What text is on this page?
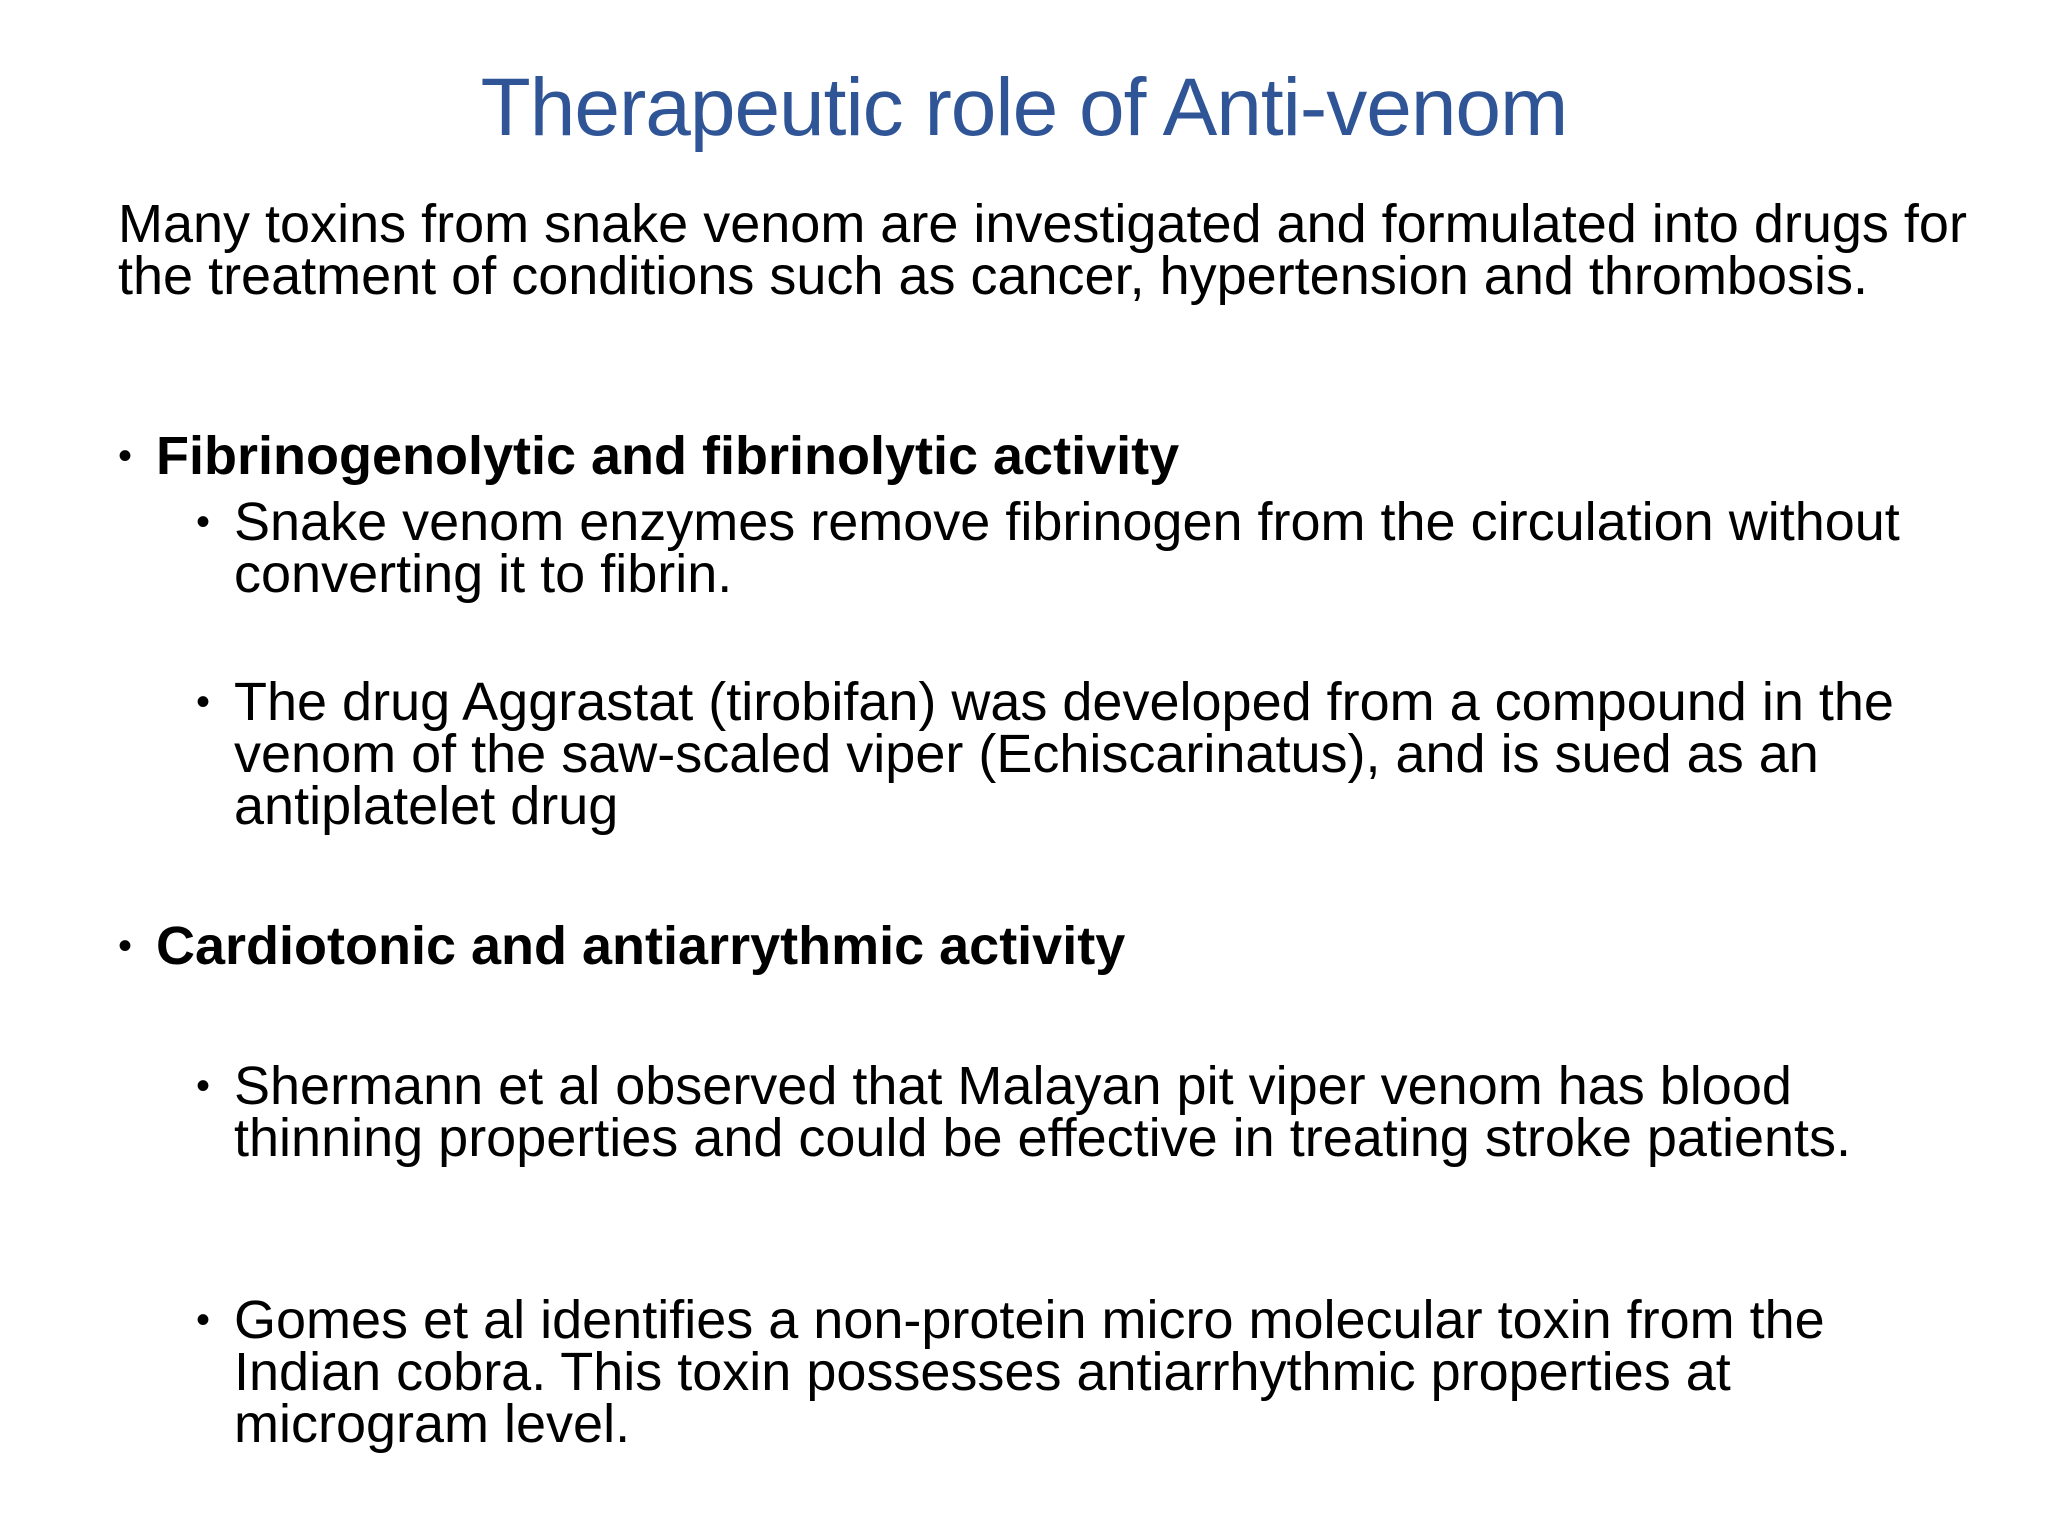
Therapeutic role of Anti-venom

Many toxins from snake venom are investigated and formulated into drugs for the treatment of conditions such as cancer, hypertension and thrombosis.

• Fibrinogenolytic and fibrinolytic activity
• Snake venom enzymes remove fibrinogen from the circulation without converting it to fibrin.
• The drug Aggrastat (tirobifan) was developed from a compound in the venom of the saw-scaled viper (Echiscarinatus), and is sued as an antiplatelet drug
• Cardiotonic and antiarrythmic activity
• Shermann et al observed that Malayan pit viper venom has blood thinning properties and could be effective in treating stroke patients.
• Gomes et al identifies a non-protein micro molecular toxin from the Indian cobra. This toxin possesses antiarrhythmic properties at microgram level.
